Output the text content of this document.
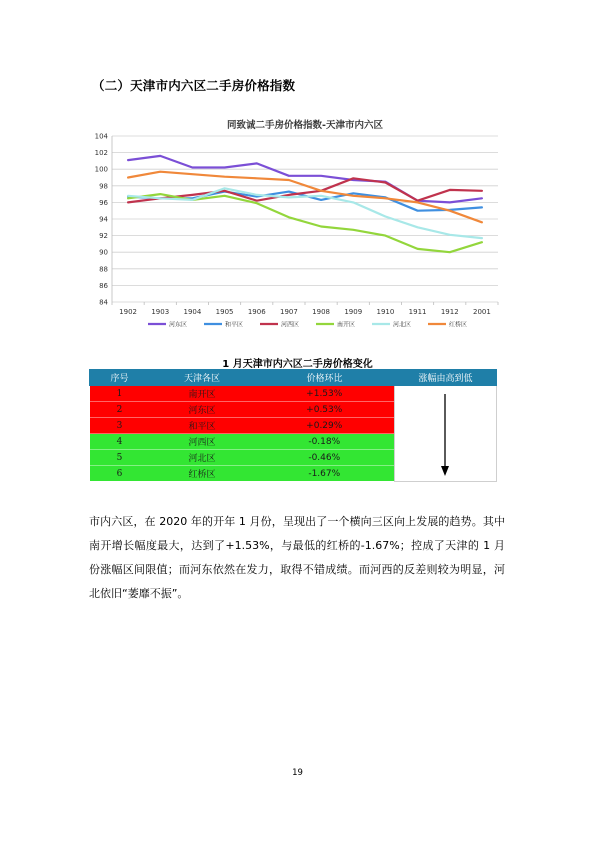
（二）天津市内六区二手房价格指数
同致诚二手房价格指数-天津市内六区
84
86
88
90
92
94
96
98
100
102
104
1902 1903 1904 1905 1906 1907 1908 1909 1910 1911 1912 2001
河东区	和平区	河西区	南开区	河北区	红桥区
1 月天津市内六区二手房价格变化
序号	天津各区	价格环比	涨幅由高到低
1	南开区	+1.53%	

2	河东区	+0.53%	
3	和平区	+0.29%	
4	河西区	-0.18%	
5	河北区	-0.46%	
6	红桥区	-1.67%	
市内六区，在 2020 年的开年 1 月份，呈现出了一个横向三区向上发展的趋势。其中南开增长幅度最大，达到了+1.53%，与最低的红桥的-1.67%；控成了天津的 1 月份涨幅区间限值；而河东依然在发力，取得不错成绩。而河西的反差则较为明显，河北依旧“萎靡不振”。
19
